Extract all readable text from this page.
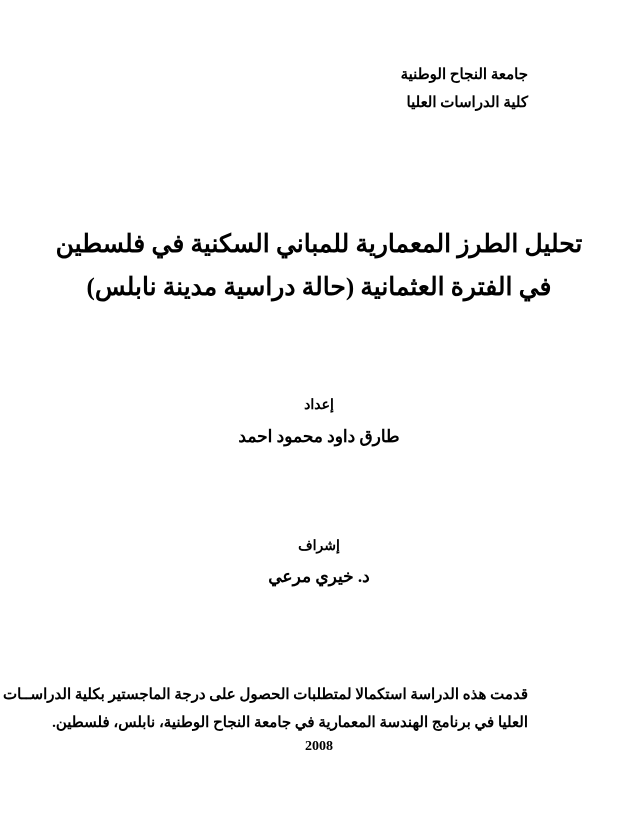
جامعة النجاح الوطنية
كلية الدراسات العليا
تحليل الطرز المعمارية للمباني السكنية في فلسطين
في الفترة العثمانية (حالة دراسية مدينة نابلس)
إعداد
طارق داود محمود احمد
إشراف
د. خيري مرعي
قدمت هذه الدراسة استكمالا لمتطلبات الحصول على درجة الماجستير بكلية الدراســات
العليا في برنامج الهندسة المعمارية في جامعة النجاح الوطنية، نابلس، فلسطين.
2008
